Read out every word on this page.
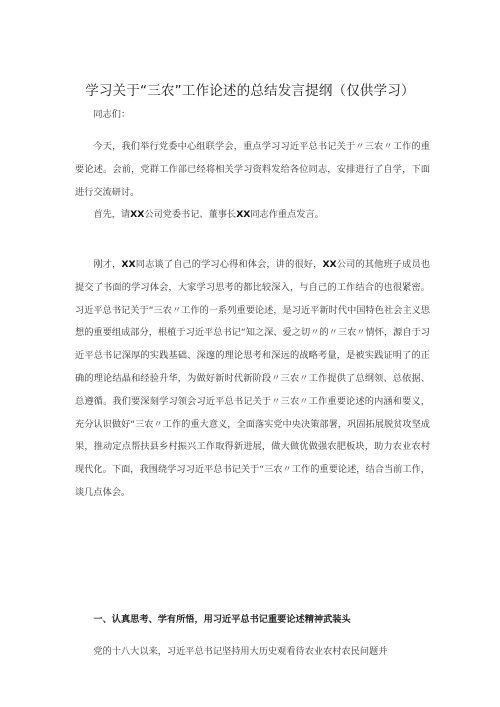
学习关于“三农”工作论述的总结发言提纲（仅供学习）

同志们：

今天，我们举行党委中心组联学会，重点学习习近平总书记关于〃三农〃工作的重要论述。会前，党群工作部已经将相关学习资料发给各位同志，安排进行了自学，下面进行交流研讨。

首先，请XX公司党委书记、董事长XX同志作重点发言。

刚才，XX同志谈了自己的学习心得和体会，讲的很好，XX公司的其他班子成员也提交了书面的学习体会，大家学习思考的都比较深入，与自己的工作结合的也很紧密。习近平总书记关于“三农〃工作的一系列重要论述，是习近平新时代中国特色社会主义思想的重要组成部分，根植于习近平总书记“知之深、爱之切〃的〃三农〃情怀，源自于习近平总书记深厚的实践基础、深邃的理论思考和深远的战略考量，是被实践证明了的正确的理论结晶和经验升华，为做好新时代新阶段〃三农〃工作提供了总纲领、总依据、总遵循。我们要深刻学习领会习近平总书记关于〃三农〃工作重要论述的内涵和要义，充分认识做好“三农〃工作的重大意义，全面落实党中央决策部署，巩固拓展脱贫攻坚成果，推动定点帮扶县乡村振兴工作取得新进展，做大做优做强农肥板块，助力农业农村现代化。下面，我围绕学习习近平总书记关于“三农〃工作的重要论述，结合当前工作，谈几点体会。

一、认真思考、学有所悟，用习近平总书记重要论述精神武装头

党的十八大以来，习近平总书记坚持用大历史观看待农业农村农民问题并
